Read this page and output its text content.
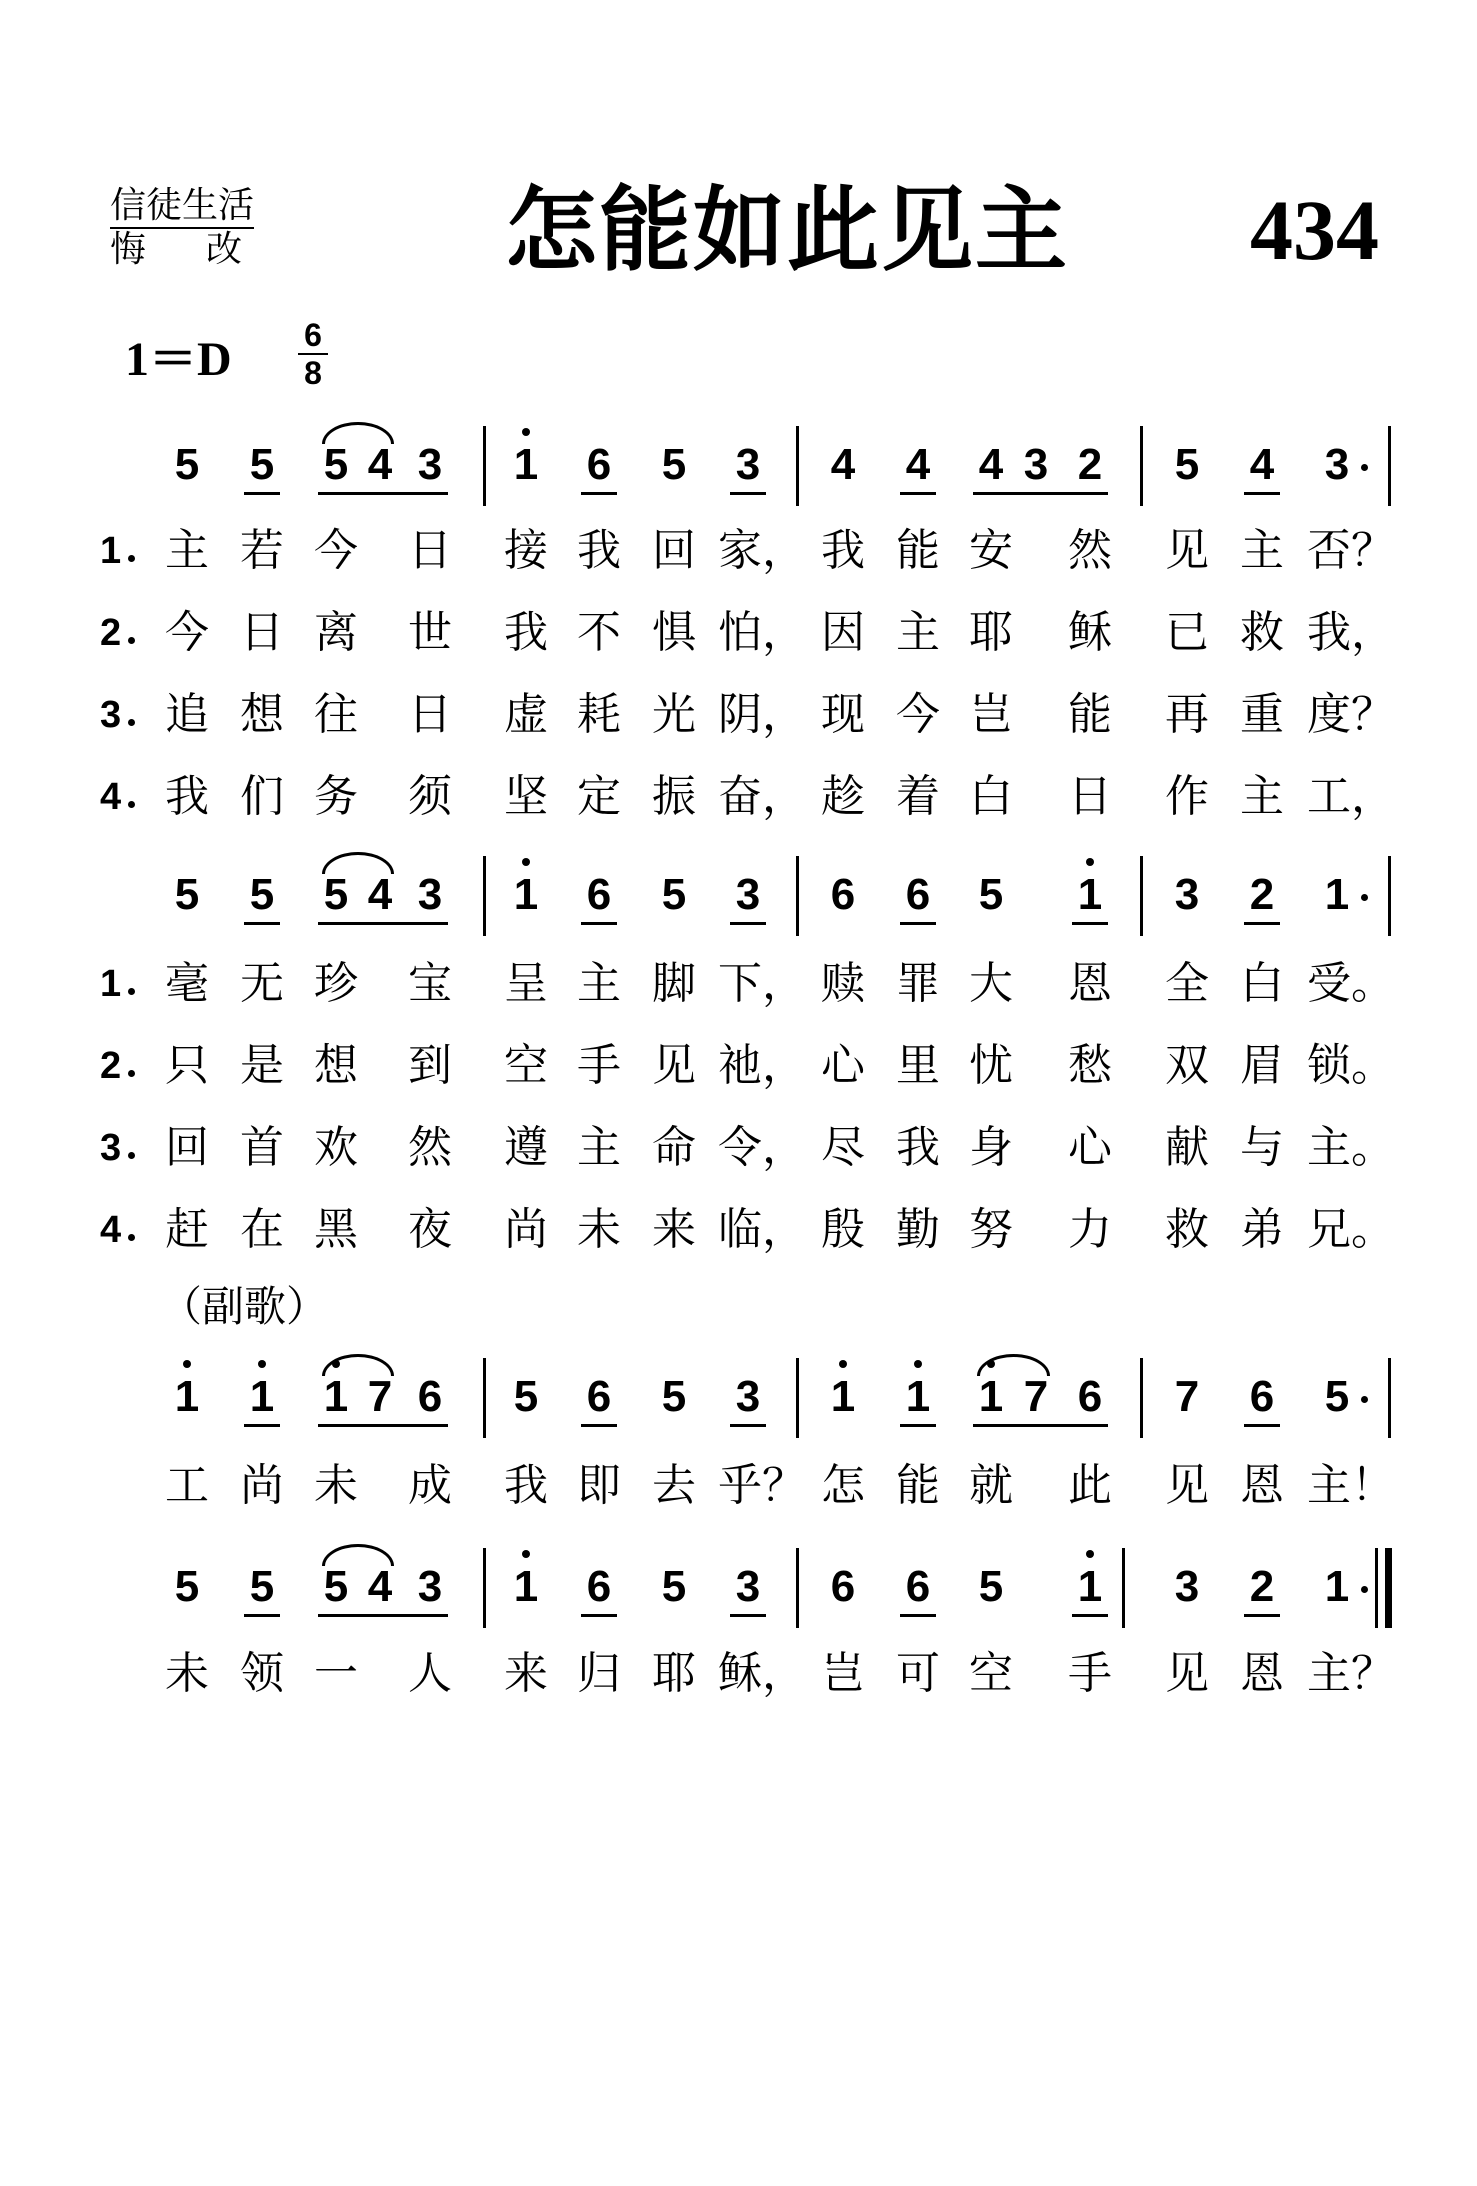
信徒生活
悔改 怎能如此见主 434
1＝D 6
8
（副歌）
5	5	5 4 3	1	6	5	3	4	4	4 3 2	5	4	3
1 主 若 今 日 接 我 回 家， 我 能 安 然 见 主 否？
2 今 日 离 世 我 不 惧 怕， 因 主 耶 稣 已 救 我，
3 追 想 往 日 虚 耗 光 阴， 现 今 岂 能 再 重 度？
4 我 们 务 须 坚 定 振 奋， 趁 着 白 日 作 主 工，
5	5	5 4 3	1	6	5	3	6	6	5	1	3	2	1
1 毫 无 珍 宝 呈 主 脚 下， 赎 罪 大 恩 全 白 受。
2 只 是 想 到 空 手 见 祂， 心 里 忧 愁 双 眉 锁。
3 回 首 欢 然 遵 主 命 令， 尽 我 身 心 献 与 主。
4 赶 在 黑 夜 尚 未 来 临， 殷 勤 努 力 救 弟 兄。
1	1	1 7 6	5	6	5	3	1	1	1 7 6	7	6	5
工 尚 未 成 我 即 去 乎？ 怎 能 就 此 见 恩 主！
5	5	5 4 3	1	6	5	3	6	6	5	1	3	2	1
未 领 一 人 来 归 耶 稣， 岂 可 空 手 见 恩 主？
